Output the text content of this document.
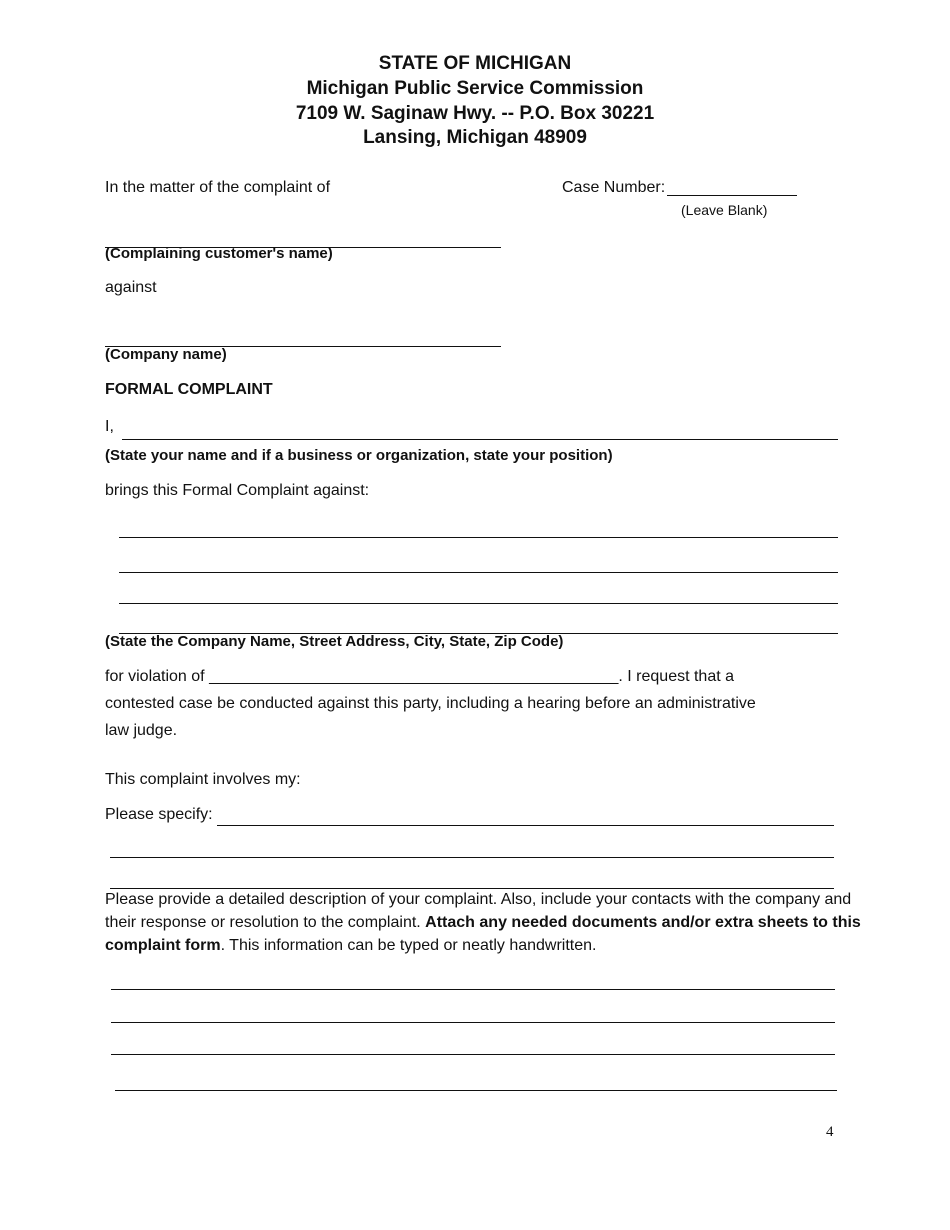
STATE OF MICHIGAN
Michigan Public Service Commission
7109 W. Saginaw Hwy. -- P.O. Box 30221
Lansing, Michigan 48909
In the matter of the complaint of	Case Number:
(Leave Blank)
(Complaining customer's name)
against
(Company name)
FORMAL COMPLAINT
I,
(State your name and if a business or organization, state your position)
brings this Formal Complaint against:
(State the Company Name, Street Address, City, State, Zip Code)
for violation of ______________________________________________. I request that a
contested case be conducted against this party, including a hearing before an administrative
law judge.
This complaint involves my:
Please specify:
Please provide a detailed description of your complaint. Also, include your contacts with the company and their response or resolution to the complaint. Attach any needed documents and/or extra sheets to this complaint form. This information can be typed or neatly handwritten.
4
